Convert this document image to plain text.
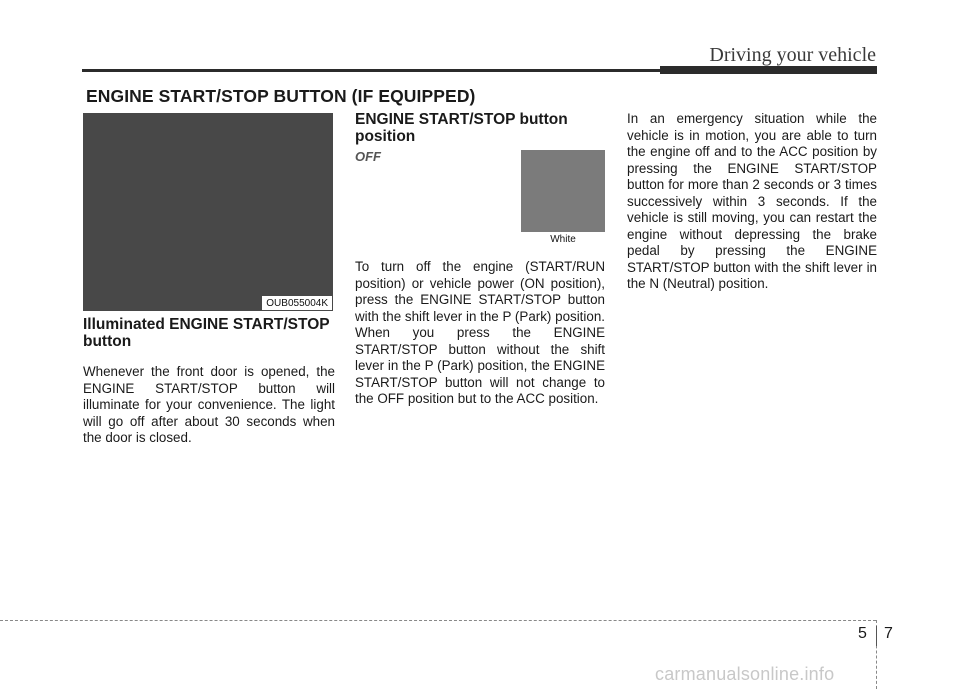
Driving your vehicle
ENGINE START/STOP BUTTON (IF EQUIPPED)
OUB055004K

Illuminated ENGINE START/STOP button

Whenever the front door is opened, the ENGINE START/STOP button will illuminate for your convenience. The light will go off after about 30 seconds when the door is closed.

ENGINE START/STOP button position

OFF
White

To turn off the engine (START/RUN position) or vehicle power (ON position), press the ENGINE START/STOP button with the shift lever in the P (Park) position. When you press the ENGINE START/STOP button without the shift lever in the P (Park) position, the ENGINE START/STOP button will not change to the OFF position but to the ACC position.

In an emergency situation while the vehicle is in motion, you are able to turn the engine off and to the ACC position by pressing the ENGINE START/STOP button for more than 2 seconds or 3 times successively within 3 seconds. If the vehicle is still moving, you can restart the engine without depressing the brake pedal by pressing the ENGINE START/STOP button with the shift lever in the N (Neutral) position.

5 7
carmanualsonline.info
